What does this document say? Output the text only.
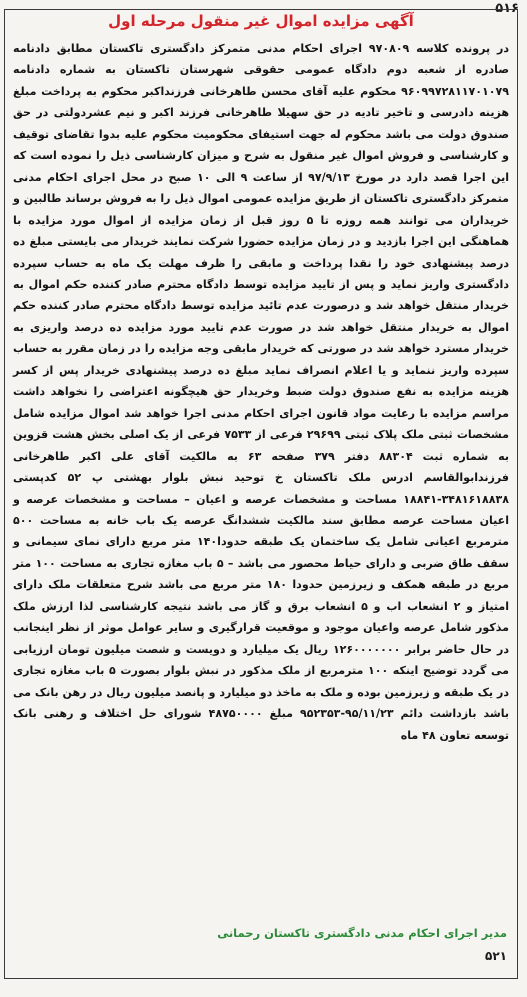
۵۱۶
آگهی مزایده اموال غیر منقول مرحله اول

در پرونده کلاسه ۹۷۰۸۰۹ اجرای احکام مدنی متمرکز دادگستری تاکستان مطابق دادنامه صادره از شعبه دوم دادگاه عمومی حقوقی شهرستان تاکستان به شماره دادنامه ۹۶۰۹۹۷۲۸۱۱۷۰۱۰۷۹ محکوم علیه آقای محسن طاهرخانی فرزنداکبر محکوم به پرداخت مبلغ هزینه دادرسی و تاخیر تادیه در حق سهیلا طاهرخانی فرزند اکبر و نیم عشردولتی در حق صندوق دولت می باشد محکوم له جهت استیفای محکومیت محکوم علیه بدوا تقاضای توقیف و کارشناسی و فروش اموال غیر منقول به شرح و میزان کارشناسی ذیل را نموده است که این اجرا قصد دارد در مورخ ۹۷/۹/۱۳ از ساعت ۹ الی ۱۰ صبح در محل اجرای احکام مدنی متمرکز دادگستری تاکستان از طریق مزایده عمومی اموال ذیل را به فروش برساند طالبین و خریداران می توانند همه روزه تا ۵ روز قبل از زمان مزایده از اموال مورد مزایده با هماهنگی این اجرا بازدید و در زمان مزایده حضورا شرکت نمایند خریدار می بایستی مبلغ ده درصد پیشنهادی خود را نقدا پرداخت و مابقی را ظرف مهلت یک ماه به حساب سپرده دادگستری واریز نماید و پس از تایید مزایده توسط دادگاه محترم صادر کننده حکم اموال به خریدار منتقل خواهد شد و درصورت عدم تائید مزایده توسط دادگاه محترم صادر کننده حکم اموال به خریدار منتقل خواهد شد در صورت عدم تایید مورد مزایده ده درصد واریزی به خریدار مسترد خواهد شد در صورتی که خریدار مابقی وجه مزایده را در زمان مقرر به حساب سپرده واریز ننماید و یا اعلام انصراف نماید مبلغ ده درصد پیشنهادی خریدار پس از کسر هزینه مزایده به نفع صندوق دولت ضبط وخریدار حق هیچگونه اعتراضی را نخواهد داشت مراسم مزایده با رعایت مواد قانون اجرای احکام مدنی اجرا خواهد شد اموال مزایده شامل مشخصات ثبتی ملک پلاک ثبتی ۲۹۶۹۹ فرعی از ۷۵۳۳ فرعی از یک اصلی بخش هشت قزوین به شماره ثبت ۸۸۳۰۴ دفتر ۳۷۹ صفحه ۶۳ به مالکیت آقای علی اکبر طاهرخانی فرزندابوالقاسم ادرس ملک تاکستان خ توحید نبش بلوار بهشتی پ ۵۲ کدپستی ۳۴۸۱۶۱۸۸۳۸-۱۸۸۴۱ مساحت و مشخصات عرصه و اعیان – مساحت و مشخصات عرصه و اعیان مساحت عرصه مطابق سند مالکیت ششدانگ عرصه یک باب خانه به مساحت ۵۰۰ مترمربع اعیانی شامل یک ساختمان یک طبقه حدودا۱۴۰ متر مربع دارای نمای سیمانی و سقف طاق ضربی و دارای حیاط محصور می باشد – ۵ باب مغازه تجاری به مساحت ۱۰۰ متر مربع در طبقه همکف و زیرزمین حدودا ۱۸۰ متر مربع می باشد شرح متعلقات ملک دارای امتیاز و ۲ انشعاب اب و ۵ انشعاب برق و گاز می باشد نتیجه کارشناسی لذا ارزش ملک مذکور شامل عرصه واعیان موجود و موقعیت قرارگیری و سایر عوامل موثر از نظر اینجانب در حال حاضر برابر ۱۲۶۰۰۰۰۰۰۰ ریال یک میلیارد و دویست و شصت میلیون تومان ارزیابی می گردد توضیح اینکه ۱۰۰ مترمربع از ملک مذکور در نبش بلوار بصورت ۵ باب مغازه تجاری در یک طبقه و زیرزمین بوده و ملک به ماخذ دو میلیارد و پانصد میلیون ریال در رهن بانک می باشد بازداشت دائم ۹۵/۱۱/۲۳-۹۵۲۳۵۳ مبلغ ۴۸۷۵۰۰۰۰ شورای حل اختلاف و رهنی بانک توسعه تعاون ۴۸ ماه

مدیر اجرای احکام مدنی دادگستری تاکستان رحمانی
۵۲۱
